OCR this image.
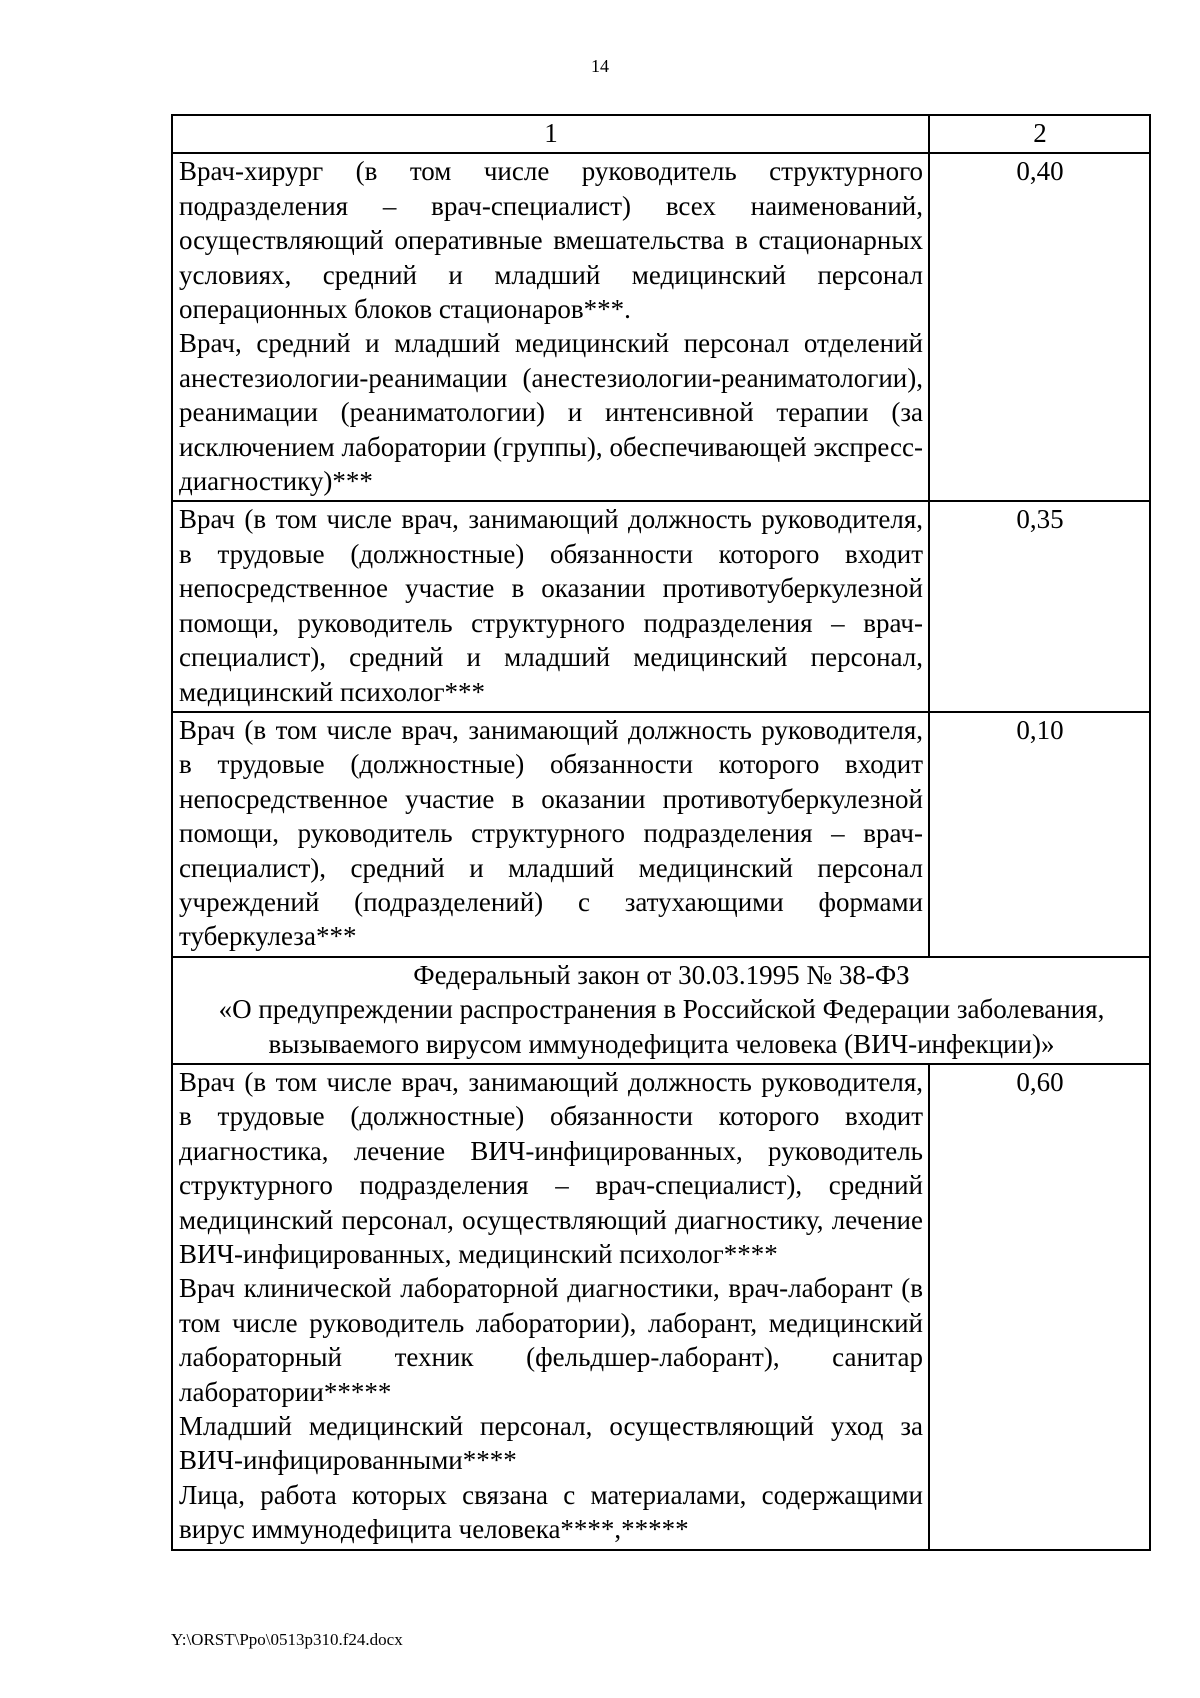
14
1	2

Врач-хирург (в том числе руководитель структурного подразделения – врач-специалист) всех наименований, осуществляющий оперативные вмешательства в стационарных условиях, средний и младший медицинский персонал операционных блоков стационаров***.
Врач, средний и младший медицинский персонал отделений анестезиологии-реанимации (анестезиологии-реаниматологии), реанимации (реаниматологии) и интенсивной терапии (за исключением лаборатории (группы), обеспечивающей экспресс-диагностику)***	0,40

Врач (в том числе врач, занимающий должность руководителя, в трудовые (должностные) обязанности которого входит непосредственное участие в оказании противотуберкулезной помощи, руководитель структурного подразделения – врач-специалист), средний и младший медицинский персонал, медицинский психолог***	0,35

Врач (в том числе врач, занимающий должность руководителя, в трудовые (должностные) обязанности которого входит непосредственное участие в оказании противотуберкулезной помощи, руководитель структурного подразделения – врач-специалист), средний и младший медицинский персонал учреждений (подразделений) с затухающими формами туберкулеза***	0,10

Федеральный закон от 30.03.1995 № 38-ФЗ
«О предупреждении распространения в Российской Федерации заболевания,
вызываемого вирусом иммунодефицита человека (ВИЧ-инфекции)»	

Врач (в том числе врач, занимающий должность руководителя, в трудовые (должностные) обязанности которого входит диагностика, лечение ВИЧ-инфицированных, руководитель структурного подразделения – врач-специалист), средний медицинский персонал, осуществляющий диагностику, лечение ВИЧ-инфицированных, медицинский психолог****
Врач клинической лабораторной диагностики, врач-лаборант (в том числе руководитель лаборатории), лаборант, медицинский лабораторный техник (фельдшер-лаборант), санитар лаборатории*****
Младший медицинский персонал, осуществляющий уход за ВИЧ-инфицированными****
Лица, работа которых связана с материалами, содержащими вирус иммунодефицита человека****,*****	0,60
Y:\ORST\Ppo\0513p310.f24.docx
